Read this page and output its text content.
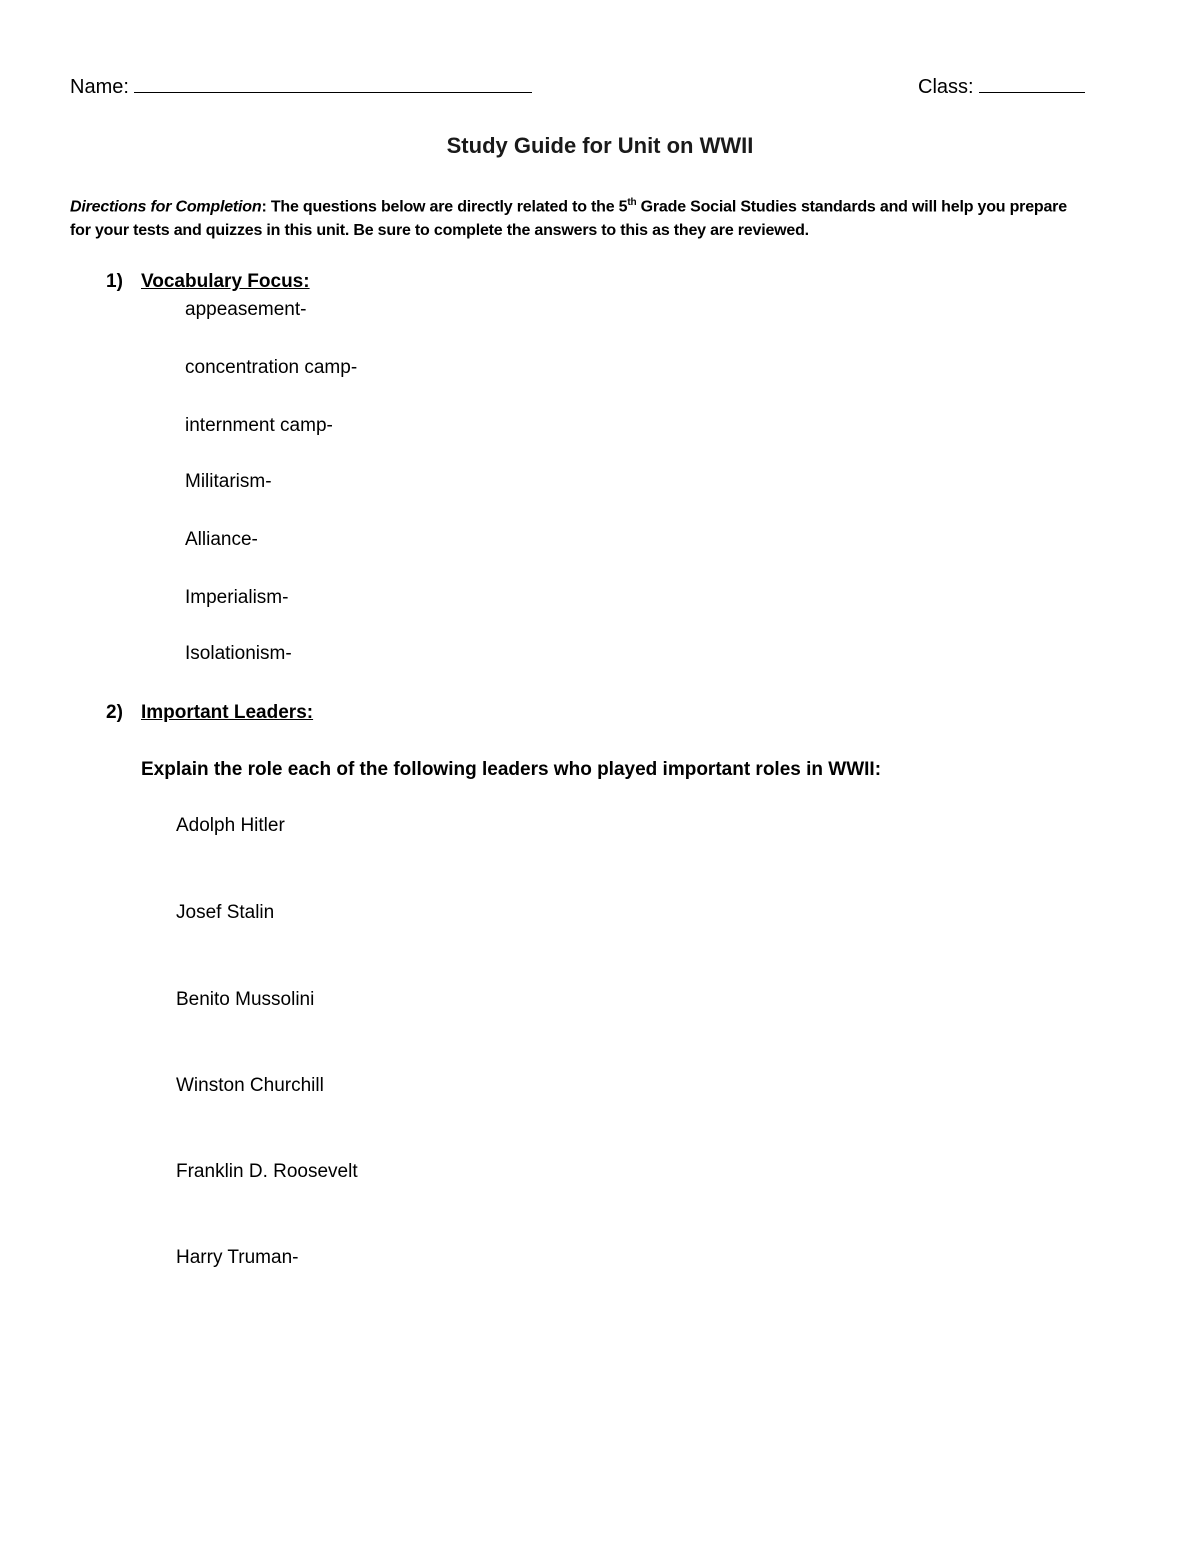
Name:	Class:
Study Guide for Unit on WWII
Directions for Completion: The questions below are directly related to the 5th Grade Social Studies standards and will help you prepare for your tests and quizzes in this unit. Be sure to complete the answers to this as they are reviewed.
1) Vocabulary Focus:
appeasement-
concentration camp-
internment camp-
Militarism-
Alliance-
Imperialism-
Isolationism-
2) Important Leaders:
Explain the role each of the following leaders who played important roles in WWII:
Adolph Hitler
Josef Stalin
Benito Mussolini
Winston Churchill
Franklin D. Roosevelt
Harry Truman-
